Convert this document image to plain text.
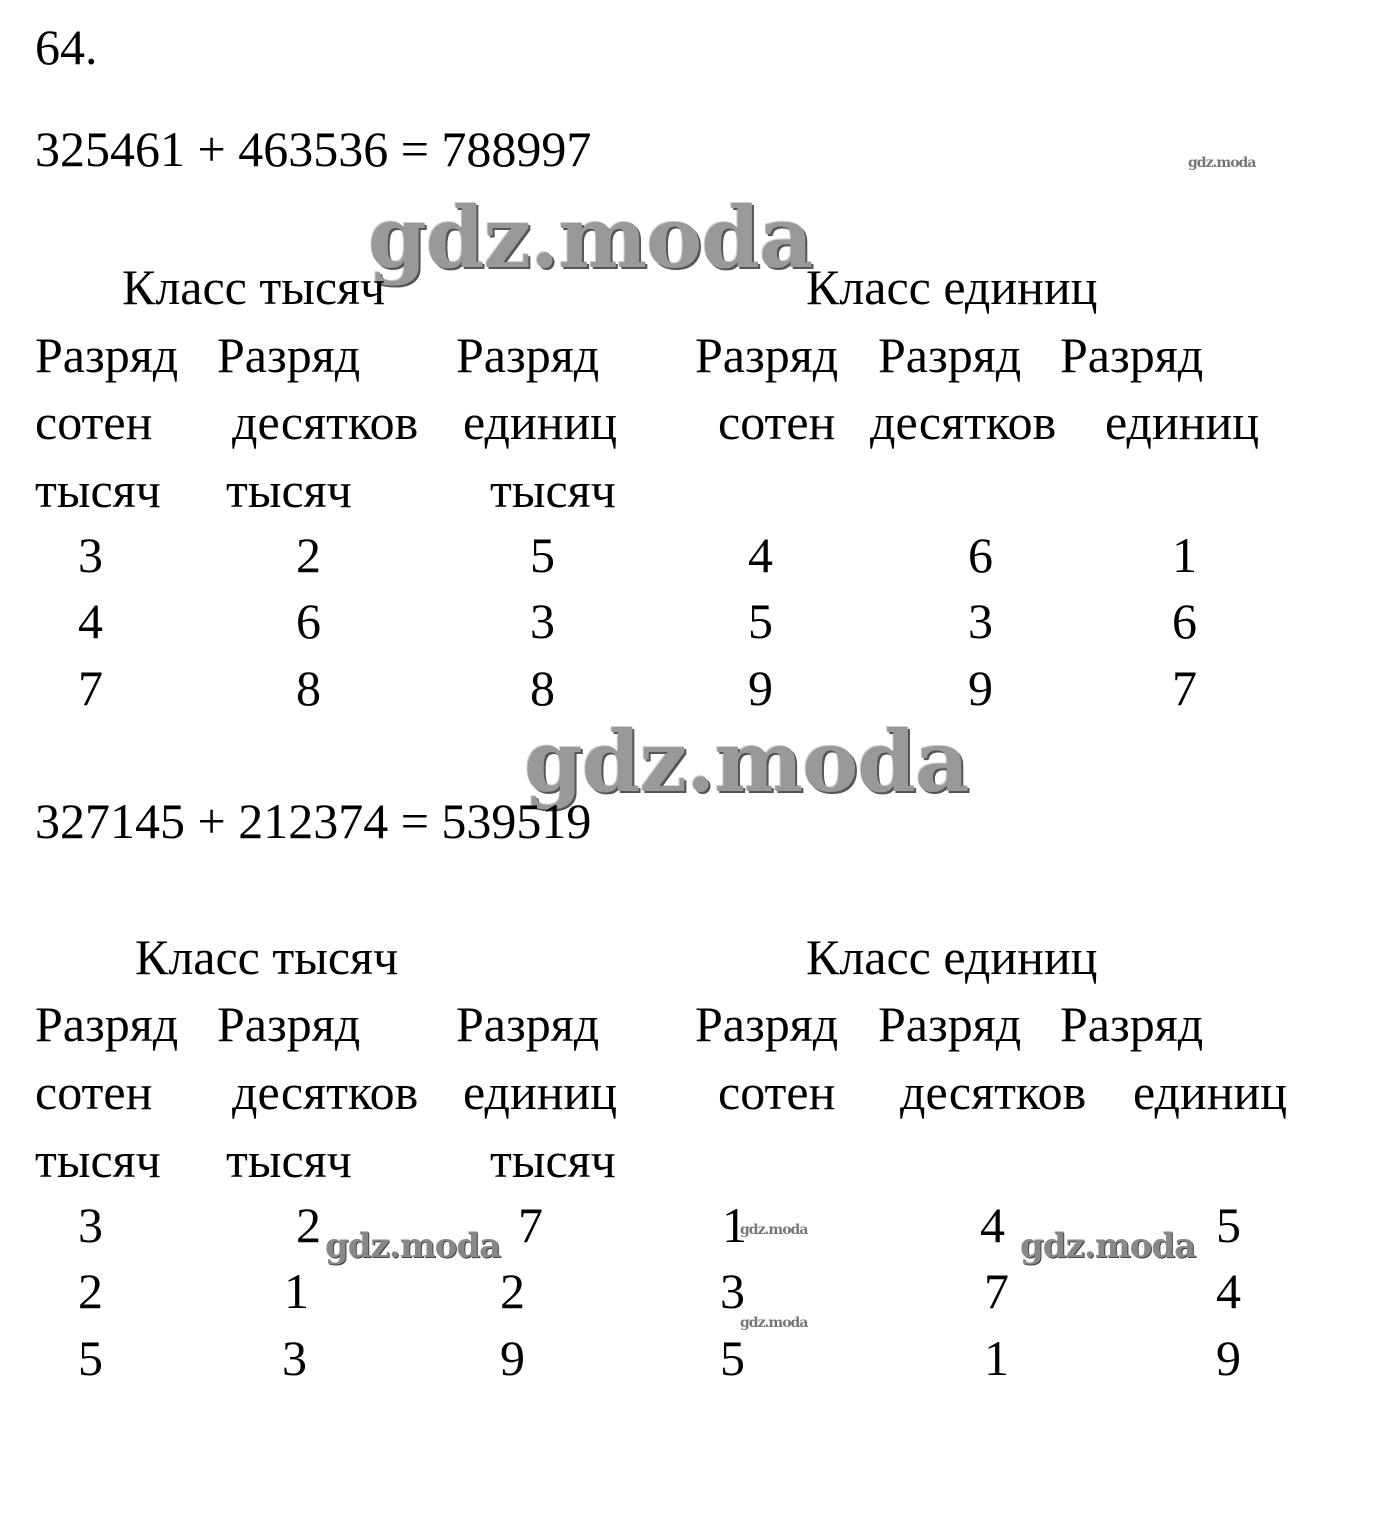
64.
325461 + 463536 = 788997	gdz.moda
gdz.moda
Класс тысяч	Класс единиц
Разряд Разряд Разряд Разряд Разряд Разряд
сотен десятков единиц сотен десятков единиц
тысяч тысяч	тысяч
3	2	5	4	6	1
4	6	3	5	3	6
7	8	8	9	9	7
gdz.moda
327145 + 212374 = 539519
Класс тысяч	Класс единиц
Разряд Разряд Разряд Разряд Разряд Разряд
сотен десятков единиц сотен десятков единиц
тысяч тысяч	тысяч
3	2	7	1	4	5
2	1	2	3	7	4
5	3	9	5	1	9
gdz.moda	gdz.moda
gdz.moda
gdz.moda
